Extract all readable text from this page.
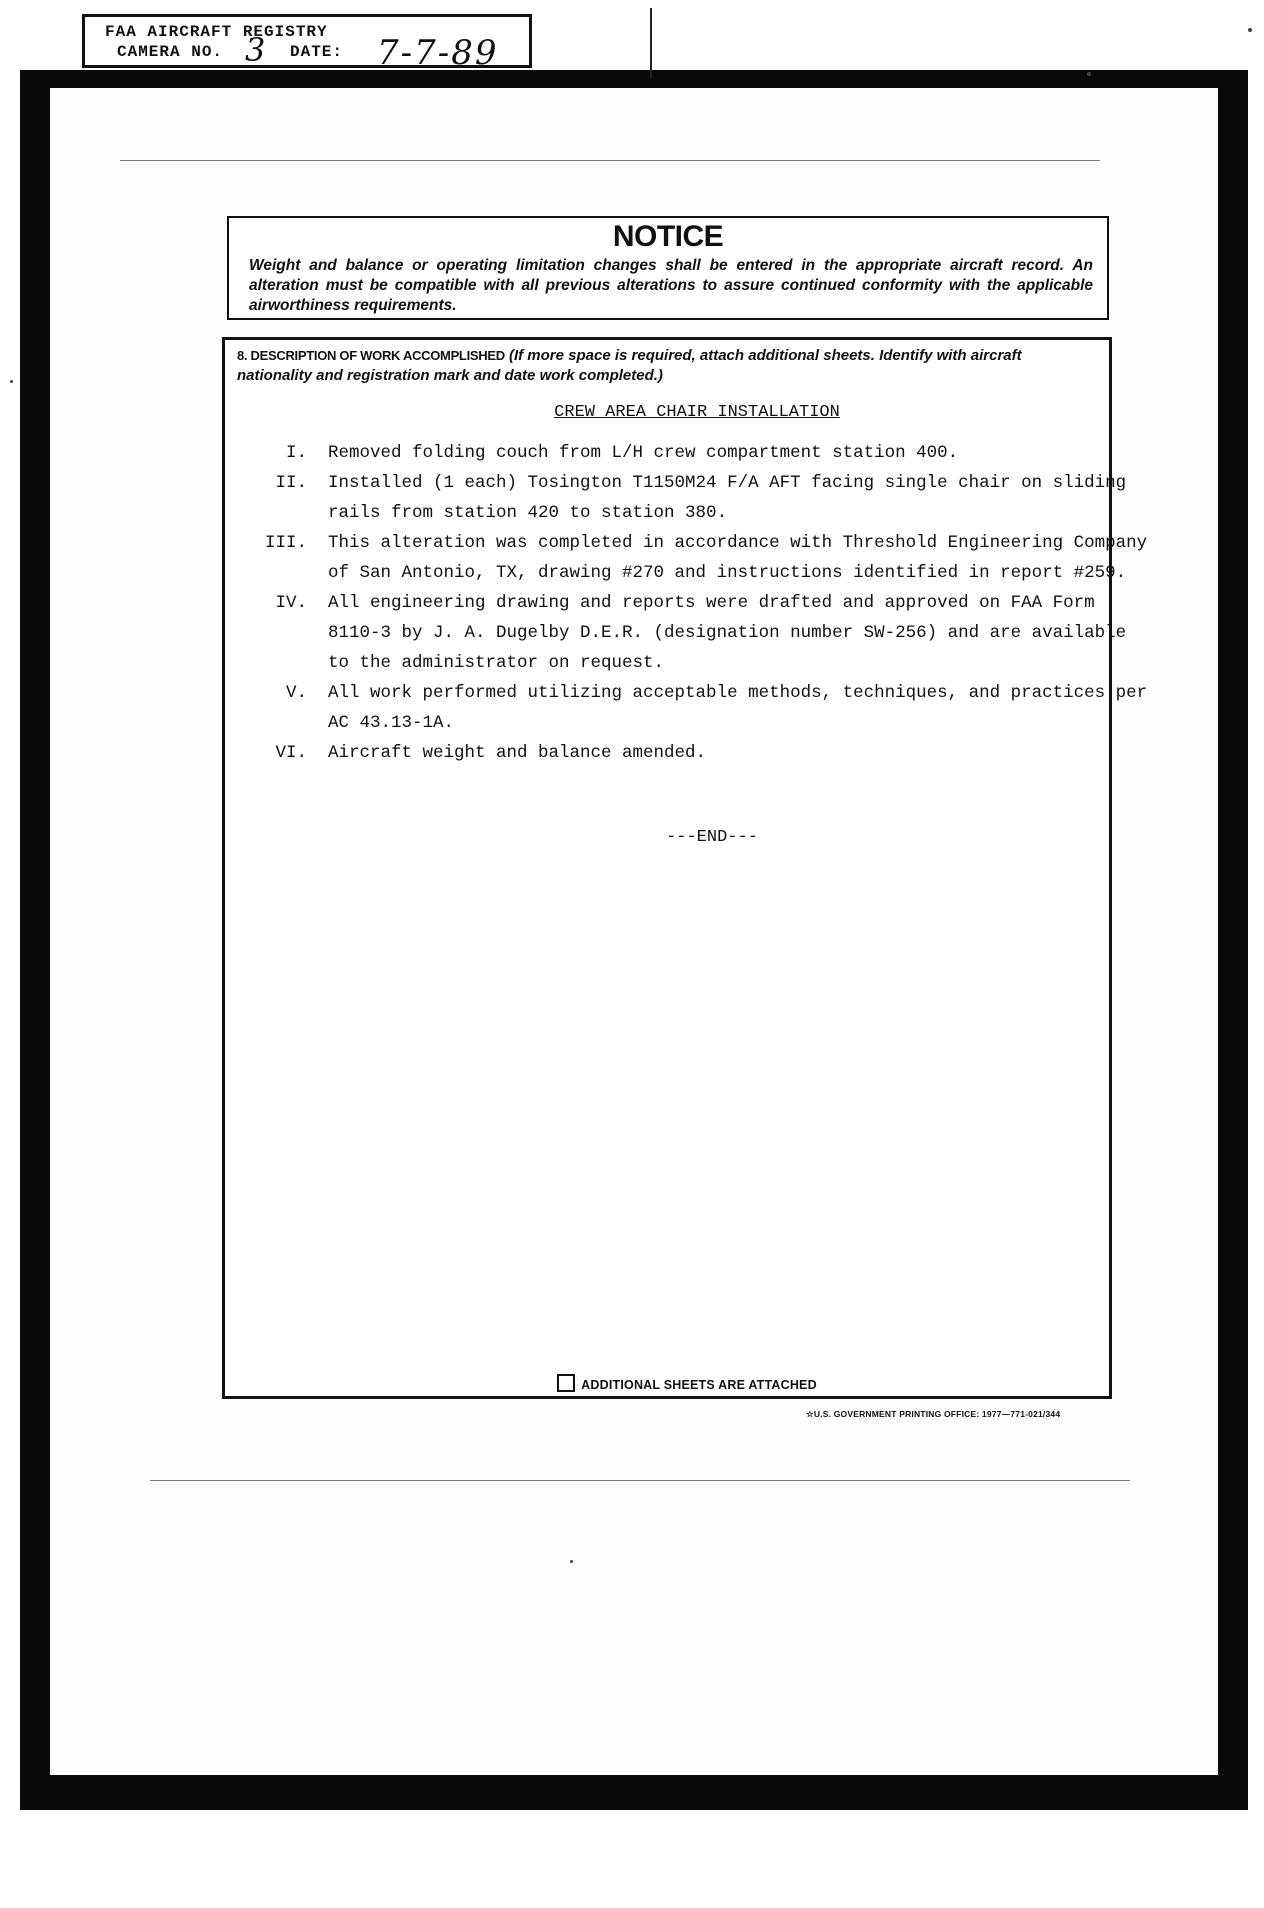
FAA AIRCRAFT REGISTRY
CAMERA NO. 3 DATE: 7-7-89
NOTICE
Weight and balance or operating limitation changes shall be entered in the appropriate aircraft record. An alteration must be compatible with all previous alterations to assure continued conformity with the applicable airworthiness requirements.
8. DESCRIPTION OF WORK ACCOMPLISHED (If more space is required, attach additional sheets. Identify with aircraft nationality and registration mark and date work completed.)
CREW AREA CHAIR INSTALLATION
I. Removed folding couch from L/H crew compartment station 400.
II. Installed (1 each) Tosington T1150M24 F/A AFT facing single chair on sliding
rails from station 420 to station 380.
III. This alteration was completed in accordance with Threshold Engineering Company
of San Antonio, TX, drawing #270 and instructions identified in report #259.
IV. All engineering drawing and reports were drafted and approved on FAA Form
8110-3 by J. A. Dugelby D.E.R. (designation number SW-256) and are available
to the administrator on request.
V. All work performed utilizing acceptable methods, techniques, and practices per
AC 43.13-1A.
VI. Aircraft weight and balance amended.
---END---
ADDITIONAL SHEETS ARE ATTACHED
☆U.S. GOVERNMENT PRINTING OFFICE: 1977—771-021/344
